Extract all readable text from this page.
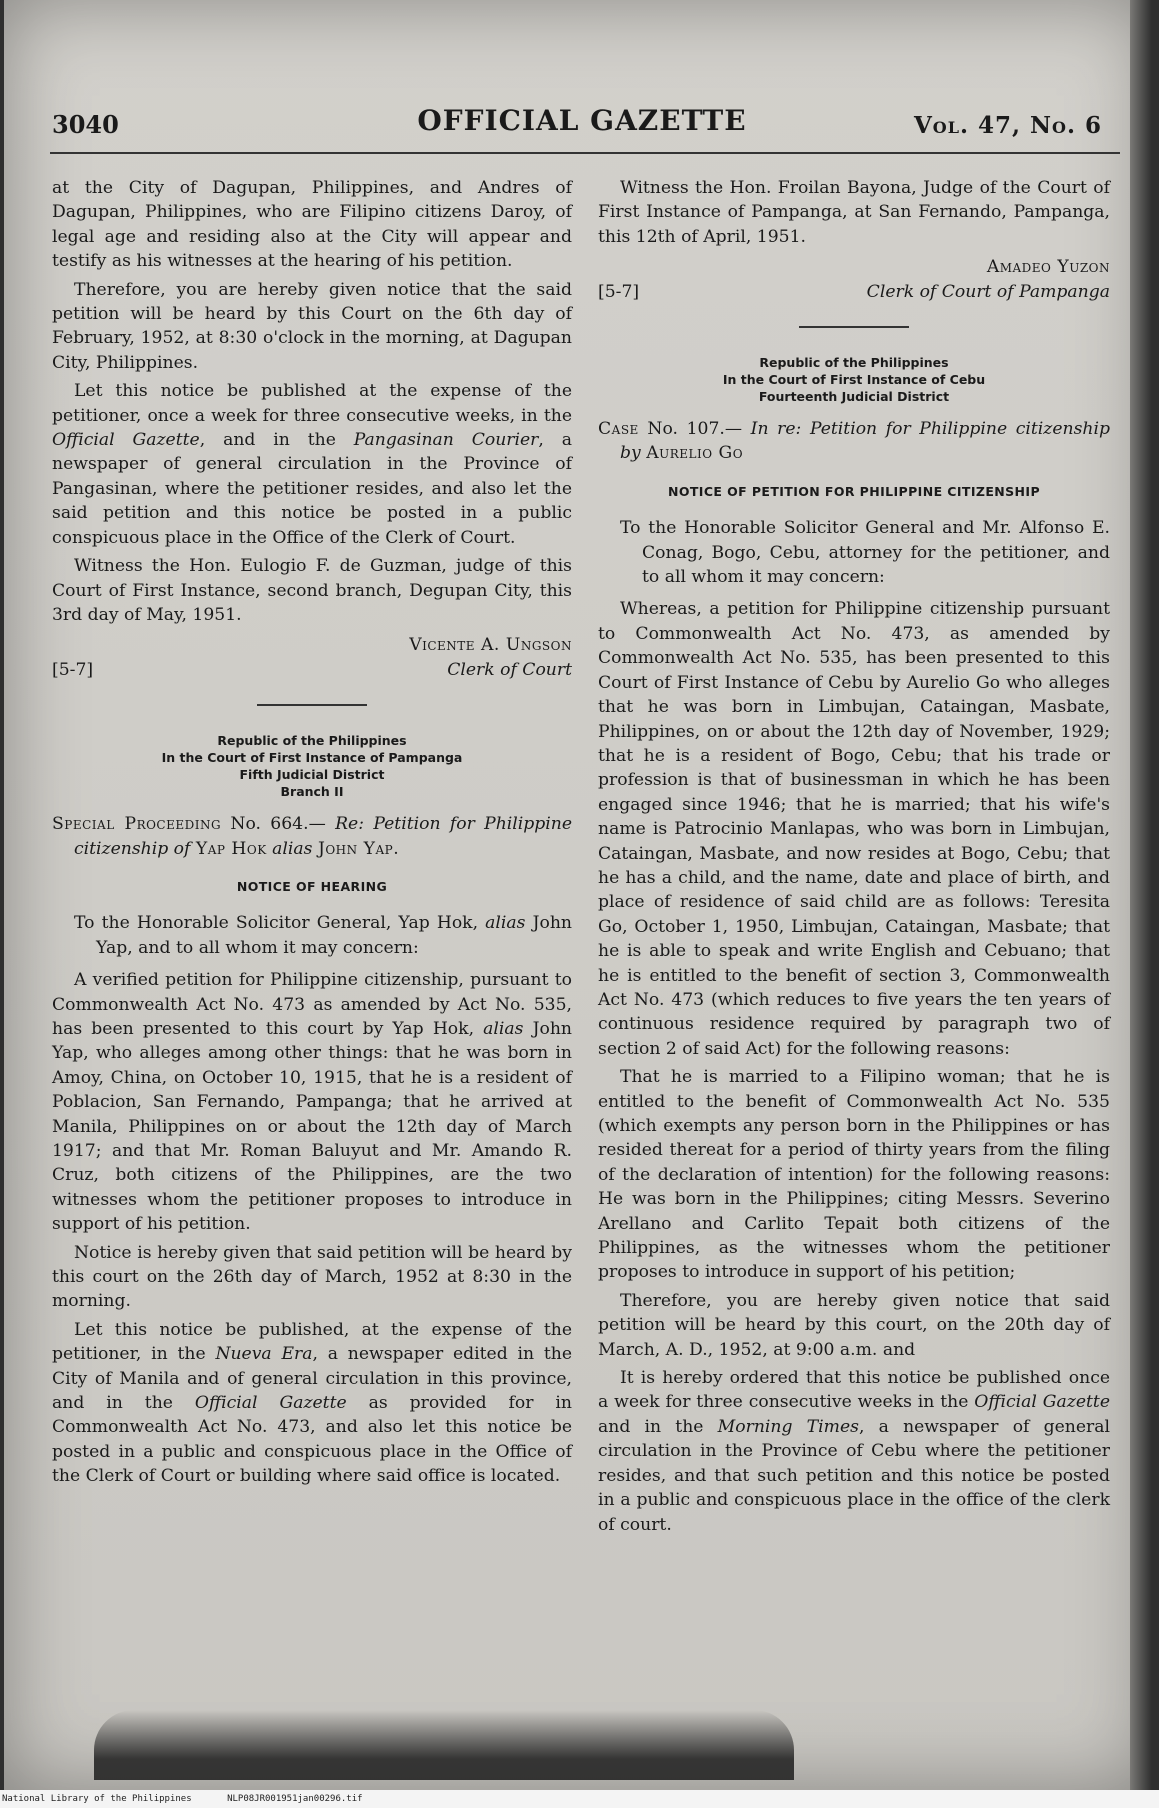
3040	OFFICIAL GAZETTE	Vol. 47, No. 6

at the City of Dagupan, Philippines, and Andres of Dagupan, Philippines, who are Filipino citizens Daroy, of legal age and residing also at the City will appear and testify as his witnesses at the hearing of his petition.

Therefore, you are hereby given notice that the said petition will be heard by this Court on the 6th day of February, 1952, at 8:30 o'clock in the morning, at Dagupan City, Philippines.

Let this notice be published at the expense of the petitioner, once a week for three consecutive weeks, in the Official Gazette, and in the Pangasinan Courier, a newspaper of general circulation in the Province of Pangasinan, where the petitioner resides, and also let the said petition and this notice be posted in a public conspicuous place in the Office of the Clerk of Court.

Witness the Hon. Eulogio F. de Guzman, judge of this Court of First Instance, second branch, Degupan City, this 3rd day of May, 1951.

Vicente A. Ungson
[5-7]	Clerk of Court
Republic of the Philippines
In the Court of First Instance of Pampanga
Fifth Judicial District
Branch II

Special Proceeding No. 664.— Re: Petition for Philippine citizenship of Yap Hok alias John Yap.

NOTICE OF HEARING

To the Honorable Solicitor General, Yap Hok, alias John Yap, and to all whom it may concern:

A verified petition for Philippine citizenship, pursuant to Commonwealth Act No. 473 as amended by Act No. 535, has been presented to this court by Yap Hok, alias John Yap, who alleges among other things: that he was born in Amoy, China, on October 10, 1915, that he is a resident of Poblacion, San Fernando, Pampanga; that he arrived at Manila, Philippines on or about the 12th day of March 1917; and that Mr. Roman Baluyut and Mr. Amando R. Cruz, both citizens of the Philippines, are the two witnesses whom the petitioner proposes to introduce in support of his petition.

Notice is hereby given that said petition will be heard by this court on the 26th day of March, 1952 at 8:30 in the morning.

Let this notice be published, at the expense of the petitioner, in the Nueva Era, a newspaper edited in the City of Manila and of general circulation in this province, and in the Official Gazette as provided for in Commonwealth Act No. 473, and also let this notice be posted in a public and conspicuous place in the Office of the Clerk of Court or building where said office is located.

Witness the Hon. Froilan Bayona, Judge of the Court of First Instance of Pampanga, at San Fernando, Pampanga, this 12th of April, 1951.

Amadeo Yuzon
[5-7]	Clerk of Court of Pampanga
Republic of the Philippines
In the Court of First Instance of Cebu
Fourteenth Judicial District

Case No. 107.— In re: Petition for Philippine citizenship by Aurelio Go

NOTICE OF PETITION FOR PHILIPPINE CITIZENSHIP

To the Honorable Solicitor General and Mr. Alfonso E. Conag, Bogo, Cebu, attorney for the petitioner, and to all whom it may concern:

Whereas, a petition for Philippine citizenship pursuant to Commonwealth Act No. 473, as amended by Commonwealth Act No. 535, has been presented to this Court of First Instance of Cebu by Aurelio Go who alleges that he was born in Limbujan, Cataingan, Masbate, Philippines, on or about the 12th day of November, 1929; that he is a resident of Bogo, Cebu; that his trade or profession is that of businessman in which he has been engaged since 1946; that he is married; that his wife's name is Patrocinio Manlapas, who was born in Limbujan, Cataingan, Masbate, and now resides at Bogo, Cebu; that he has a child, and the name, date and place of birth, and place of residence of said child are as follows: Teresita Go, October 1, 1950, Limbujan, Cataingan, Masbate; that he is able to speak and write English and Cebuano; that he is entitled to the benefit of section 3, Commonwealth Act No. 473 (which reduces to five years the ten years of continuous residence required by paragraph two of section 2 of said Act) for the following reasons:

That he is married to a Filipino woman; that he is entitled to the benefit of Commonwealth Act No. 535 (which exempts any person born in the Philippines or has resided thereat for a period of thirty years from the filing of the declaration of intention) for the following reasons: He was born in the Philippines; citing Messrs. Severino Arellano and Carlito Tepait both citizens of the Philippines, as the witnesses whom the petitioner proposes to introduce in support of his petition;

Therefore, you are hereby given notice that said petition will be heard by this court, on the 20th day of March, A. D., 1952, at 9:00 a.m. and

It is hereby ordered that this notice be published once a week for three consecutive weeks in the Official Gazette and in the Morning Times, a newspaper of general circulation in the Province of Cebu where the petitioner resides, and that such petition and this notice be posted in a public and conspicuous place in the office of the clerk of court.

National Library of the Philippines	NLP08JR001951jan00296.tif
